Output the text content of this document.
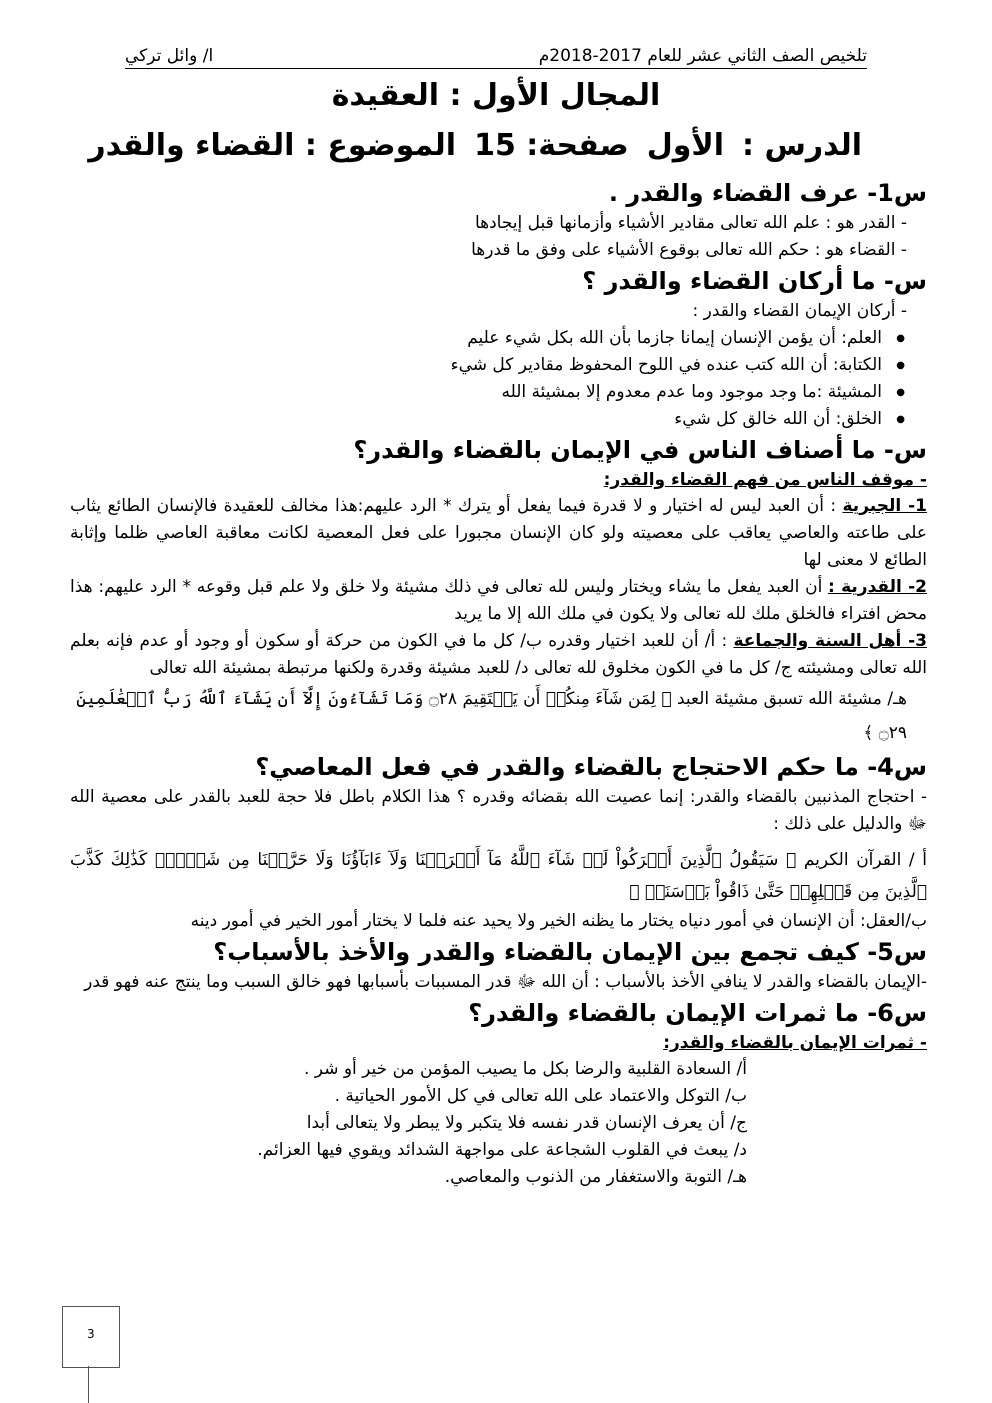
تلخيص الصف الثاني عشر للعام 2017-2018م
ا/ وائل تركي
المجال الأول : العقيدة
الدرس :الأولصفحة: 15الموضوع : القضاء والقدر

س1- عرف القضاء والقدر .

- القدر هو : علم الله تعالى مقادير الأشياء وأزمانها قبل إيجادها

- القضاء هو : حكم الله تعالى بوقوع الأشياء على وفق ما قدرها

س- ما أركان القضاء والقدر ؟

- أركان الإيمان القضاء والقدر :

● العلم: أن يؤمن الإنسان إيمانا جازما بأن الله بكل شيء عليم

● الكتابة: أن الله كتب عنده في اللوح المحفوظ مقادير كل شيء

● المشيئة :ما وجد موجود وما عدم معدوم إلا بمشيئة الله

● الخلق: أن الله خالق كل شيء

س- ما أصناف الناس في الإيمان بالقضاء والقدر؟

- موقف الناس من فهم القضاء والقدر:

1- الجبرية : أن العبد ليس له اختيار و لا قدرة فيما يفعل أو يترك * الرد عليهم:هذا مخالف للعقيدة فالإنسان الطائع يثاب على طاعته والعاصي يعاقب على معصيته ولو كان الإنسان مجبورا على فعل المعصية لكانت معاقبة العاصي ظلما وإثابة الطائع لا معنى لها

2- القدرية : أن العبد يفعل ما يشاء ويختار وليس لله تعالى في ذلك مشيئة ولا خلق ولا علم قبل وقوعه * الرد عليهم: هذا محض افتراء فالخلق ملك لله تعالى ولا يكون في ملك الله إلا ما يريد

3- أهل السنة والجماعة : أ/ أن للعبد اختيار وقدره ب/ كل ما في الكون من حركة أو سكون أو وجود أو عدم فإنه بعلم الله تعالى ومشيئته ج/ كل ما في الكون مخلوق لله تعالى د/ للعبد مشيئة وقدرة ولكنها مرتبطة بمشيئة الله تعالى

هـ/ مشيئة الله تسبق مشيئة العبد ﴿ لِمَن شَآءَ مِنكُمۡ أَن يَسۡتَقِيمَ ۝٢٨ وَمَا تَشَآءُونَ إِلَّآ أَن يَشَآءَ ٱللَّهُ رَبُّ ٱلۡعَٰلَمِينَ ۝٢٩ ﴾

س4- ما حكم الاحتجاج بالقضاء والقدر في فعل المعاصي؟

- احتجاج المذنبين بالقضاء والقدر: إنما عصيت الله بقضائه وقدره ؟ هذا الكلام باطل فلا حجة للعبد بالقدر على معصية الله ﷻ والدليل على ذلك :

أ / القرآن الكريم ﴿ سَيَقُولُ ٱلَّذِينَ أَشۡرَكُواْ لَوۡ شَآءَ ٱللَّهُ مَآ أَشۡرَكۡنَا وَلَآ ءَابَآؤُنَا وَلَا حَرَّمۡنَا مِن شَيۡءٖۚ كَذَٰلِكَ كَذَّبَ ٱلَّذِينَ مِن قَبۡلِهِمۡ حَتَّىٰ ذَاقُواْ بَأۡسَنَاۗ ﴾

ب/العقل: أن الإنسان في أمور دنياه يختار ما يظنه الخير ولا يحيد عنه فلما لا يختار أمور الخير في أمور دينه

س5- كيف تجمع بين الإيمان بالقضاء والقدر والأخذ بالأسباب؟

-الإيمان بالقضاء والقدر لا ينافي الأخذ بالأسباب : أن الله ﷻ قدر المسببات بأسبابها فهو خالق السبب وما ينتج عنه فهو قدر

س6- ما ثمرات الإيمان بالقضاء والقدر؟

- ثمرات الإيمان بالقضاء والقدر:

أ/ السعادة القلبية والرضا بكل ما يصيب المؤمن من خير أو شر .

ب/ التوكل والاعتماد على الله تعالى في كل الأمور الحياتية .

ج/ أن يعرف الإنسان قدر نفسه فلا يتكبر ولا يبطر ولا يتعالى أبدا

د/ يبعث في القلوب الشجاعة على مواجهة الشدائد ويقوي فيها العزائم.

هـ/ التوبة والاستغفار من الذنوب والمعاصي.

3
